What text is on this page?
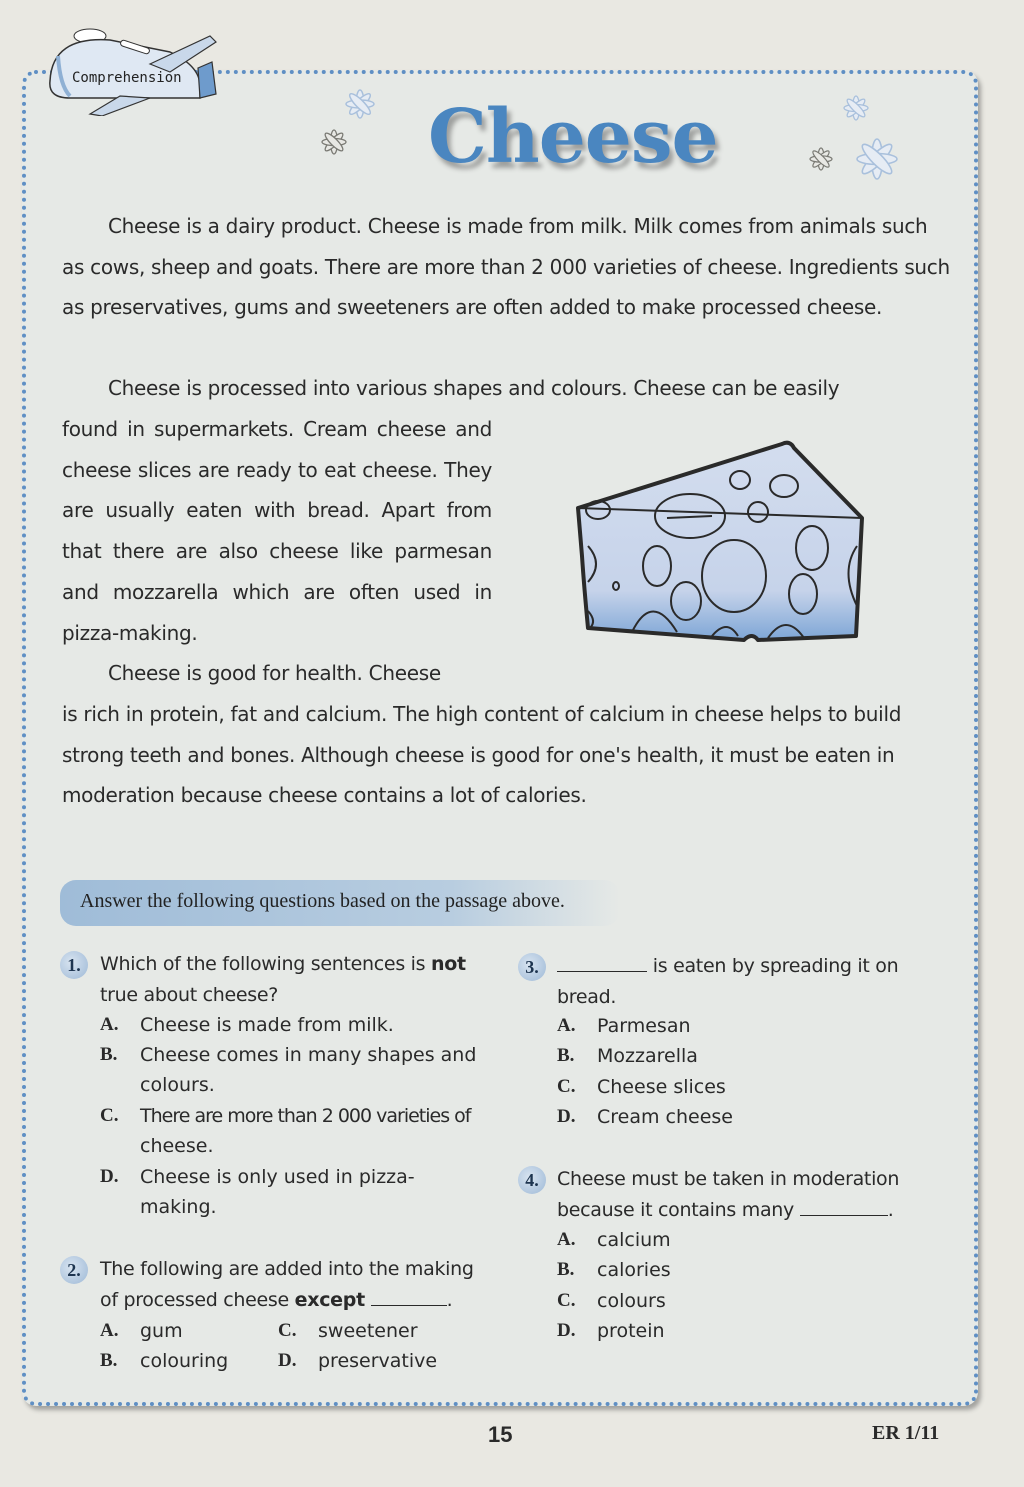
Comprehension
Cheese
Cheese is a dairy product. Cheese is made from milk. Milk comes from animals such as cows, sheep and goats. There are more than 2 000 varieties of cheese. Ingredients such as preservatives, gums and sweeteners are often added to make processed cheese.
Cheese is processed into various shapes and colours. Cheese can be easily
found in supermarkets. Cream cheese and cheese slices are ready to eat cheese. They are usually eaten with bread. Apart from that there are also cheese like parmesan and mozzarella which are often used in pizza-making.
Cheese is good for health. Cheese
is rich in protein, fat and calcium. The high content of calcium in cheese helps to build strong teeth and bones. Although cheese is good for one's health, it must be eaten in moderation because cheese contains a lot of calories.
Answer the following questions based on the passage above.
1.	Which of the following sentences is not
true about cheese?
A. Cheese is made from milk.
B. Cheese comes in many shapes and
colours.
C. There are more than 2 000 varieties of
cheese.
D. Cheese is only used in pizza-
making.
2.	The following are added into the making
of processed cheese except	.
A. gum
B. colouring
C. sweetener
D. preservative
3.	is eaten by spreading it on
bread.
A. Parmesan
B. Mozzarella
C. Cheese slices
D. Cream cheese
4. Cheese must be taken in moderation
because it contains many	.
A. calcium
B. calories
C. colours
D. protein
15	ER 1/11
